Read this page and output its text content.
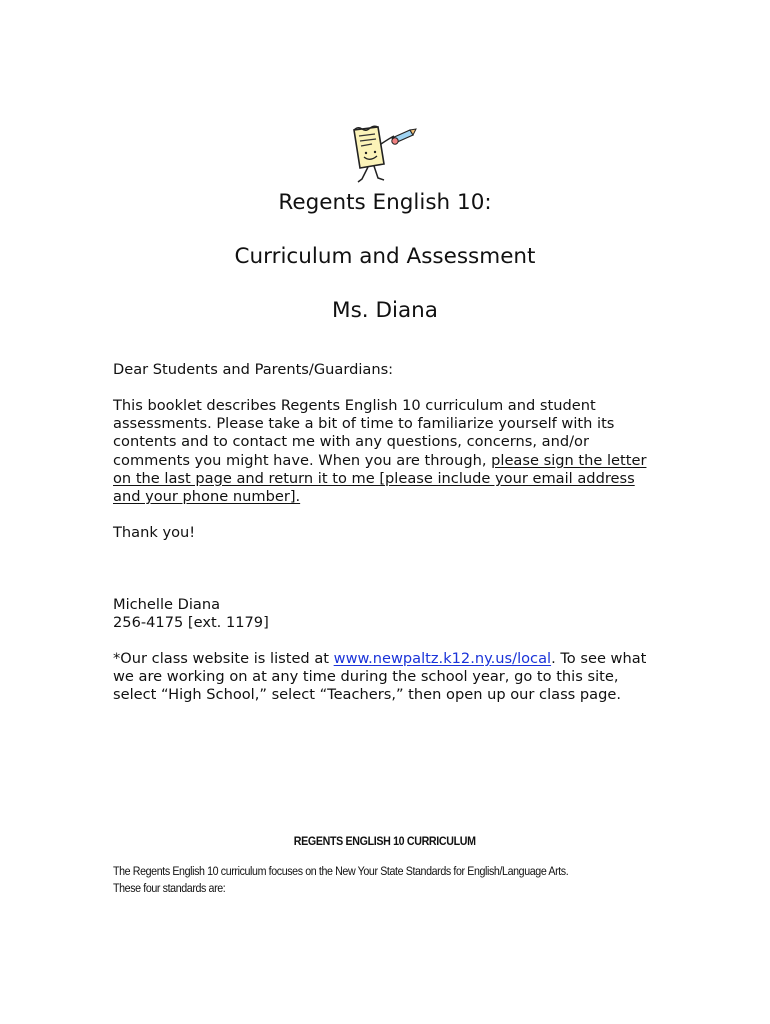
Regents English 10:
Curriculum and Assessment
Ms. Diana

Dear Students and Parents/Guardians:

This booklet describes Regents English 10 curriculum and student assessments. Please take a bit of time to familiarize yourself with its contents and to contact me with any questions, concerns, and/or comments you might have. When you are through, please sign the letter on the last page and return it to me [please include your email address and your phone number].

Thank you!

Michelle Diana

256-4175 [ext. 1179]

*Our class website is listed at www.newpaltz.k12.ny.us/local. To see what we are working on at any time during the school year, go to this site, select “High School,” select “Teachers,” then open up our class page.

REGENTS ENGLISH 10 CURRICULUM
The Regents English 10 curriculum focuses on the New Your State Standards for English/Language Arts.
These four standards are:
